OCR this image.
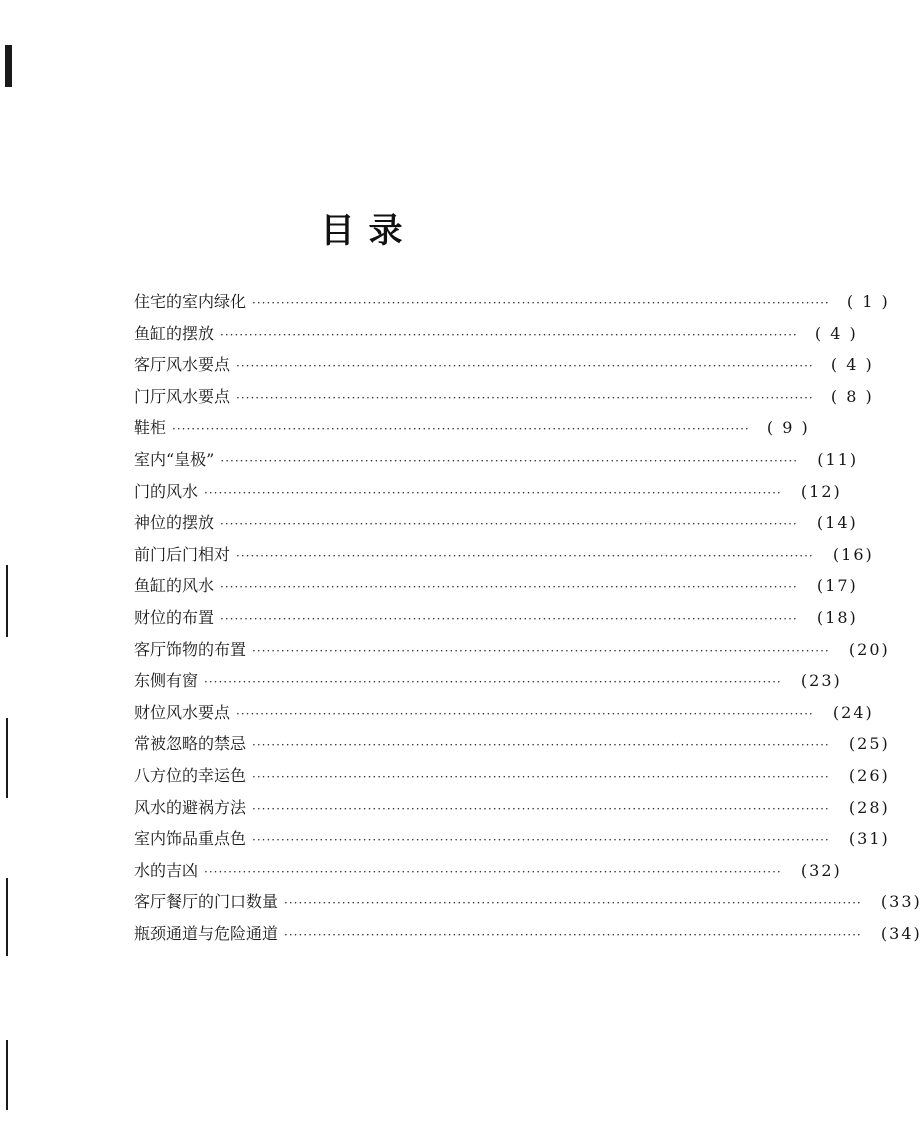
目录
住宅的室内绿化 ························································································································	( 1 )
鱼缸的摆放 ························································································································	( 4 )
客厅风水要点 ························································································································	( 4 )
门厅风水要点 ························································································································	( 8 )
鞋柜 ························································································································	( 9 )
室内“皇极” ························································································································	(11)
门的风水 ························································································································	(12)
神位的摆放 ························································································································	(14)
前门后门相对 ························································································································	(16)
鱼缸的风水 ························································································································	(17)
财位的布置 ························································································································	(18)
客厅饰物的布置 ························································································································	(20)
东侧有窗 ························································································································	(23)
财位风水要点 ························································································································	(24)
常被忽略的禁忌 ························································································································	(25)
八方位的幸运色 ························································································································	(26)
风水的避祸方法 ························································································································	(28)
室内饰品重点色 ························································································································	(31)
水的吉凶 ························································································································	(32)
客厅餐厅的门口数量 ························································································································	(33)
瓶颈通道与危险通道 ························································································································	(34)
